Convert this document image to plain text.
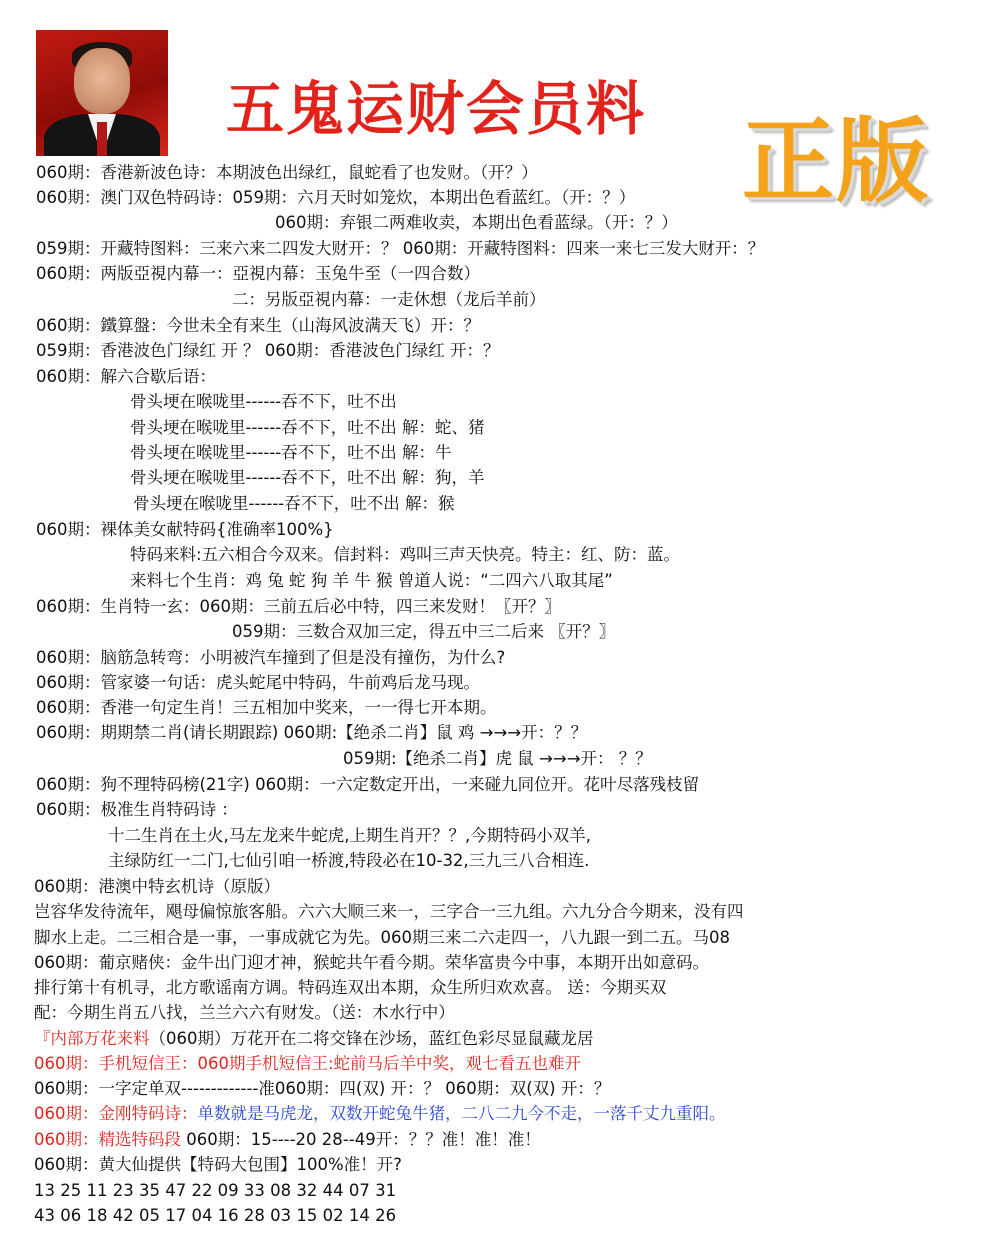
五鬼运财会员料	正版
060期：香港新波色诗：本期波色出绿红，鼠蛇看了也发财。（开？）
060期：澳门双色特码诗：059期：六月天时如笼炊，本期出色看蓝红。（开：？）
060期：弃银二两难收卖，本期出色看蓝绿。（开：？）
059期：开藏特图料：三来六来二四发大财开：？ 060期：开藏特图料：四来一来七三发大财开：？
060期：两版亞視内幕一：亞視内幕：玉兔牛至（一四合数）
二：另版亞視内幕：一走休想（龙后羊前）
060期：鐵算盤：今世未全有来生（山海风波满天飞）开：？
059期：香港波色门绿红 开 ？ 060期：香港波色门绿红 开：？
060期：解六合歇后语：
骨头埂在喉咙里------吞不下，吐不出
骨头埂在喉咙里------吞不下，吐不出 解：蛇、猪
骨头埂在喉咙里------吞不下，吐不出 解：牛
骨头埂在喉咙里------吞不下，吐不出 解：狗，羊
骨头埂在喉咙里------吞不下，吐不出 解：猴
060期：裸体美女献特码{准确率100%}
特码来料:五六相合今双来。信封料：鸡叫三声天快亮。特主：红、防：蓝。
来料七个生肖：鸡 兔 蛇 狗 羊 牛 猴 曾道人说：“二四六八取其尾”
060期：生肖特一玄：060期：三前五后必中特，四三来发财！〖开？〗
059期：三数合双加三定，得五中三二后来 〖开？〗
060期：脑筋急转弯：小明被汽车撞到了但是没有撞伤，为什么?
060期：管家婆一句话：虎头蛇尾中特码，牛前鸡后龙马现。
060期：香港一句定生肖！三五相加中奖来，一一得七开本期。
060期：期期禁二肖(请长期跟踪) 060期:【绝杀二肖】鼠 鸡 →→→开：？？
059期:【绝杀二肖】虎 鼠 →→→开： ？？
060期：狗不理特码榜(21字) 060期：一六定数定开出，一来碰九同位开。花叶尽落残枝留
060期：极准生肖特码诗 ：
十二生肖在土火,马左龙来牛蛇虎,上期生肖开？？,今期特码小双羊,
主绿防红一二门,七仙引咱一桥渡,特段必在10-32,三九三八合相连.
060期：港澳中特玄机诗（原版）
岂容华发待流年，飓母偏惊旅客船。六六大顺三来一，三字合一三九组。六九分合今期来，没有四
脚水上走。二三相合是一事，一事成就它为先。060期三来二六走四一，八九跟一到二五。马08
060期：葡京赌侠：金牛出门迎才神，猴蛇共午看今期。荣华富贵今中事，本期开出如意码。
排行第十有机寻，北方歌谣南方调。特码连双出本期，众生所归欢欢喜。 送：今期买双
配：今期生肖五八找，兰兰六六有财发。（送：木水行中）
『内部万花来料（060期）万花开在二将交锋在沙场，蓝红色彩尽显鼠藏龙居
060期：手机短信王：060期手机短信王:蛇前马后羊中奖，观七看五也难开
060期：一字定单双-------------准060期：四(双) 开：？ 060期：双(双) 开：？
060期：金刚特码诗：单数就是马虎龙，双数开蛇兔牛猪，二八二九今不走，一落千丈九重阳。
060期：精选特码段 060期：15----20 28--49开：？？准！准！准！
060期：黄大仙提供【特码大包围】100%准！开?
13 25 11 23 35 47 22 09 33 08 32 44 07 31
43 06 18 42 05 17 04 16 28 03 15 02 14 26
